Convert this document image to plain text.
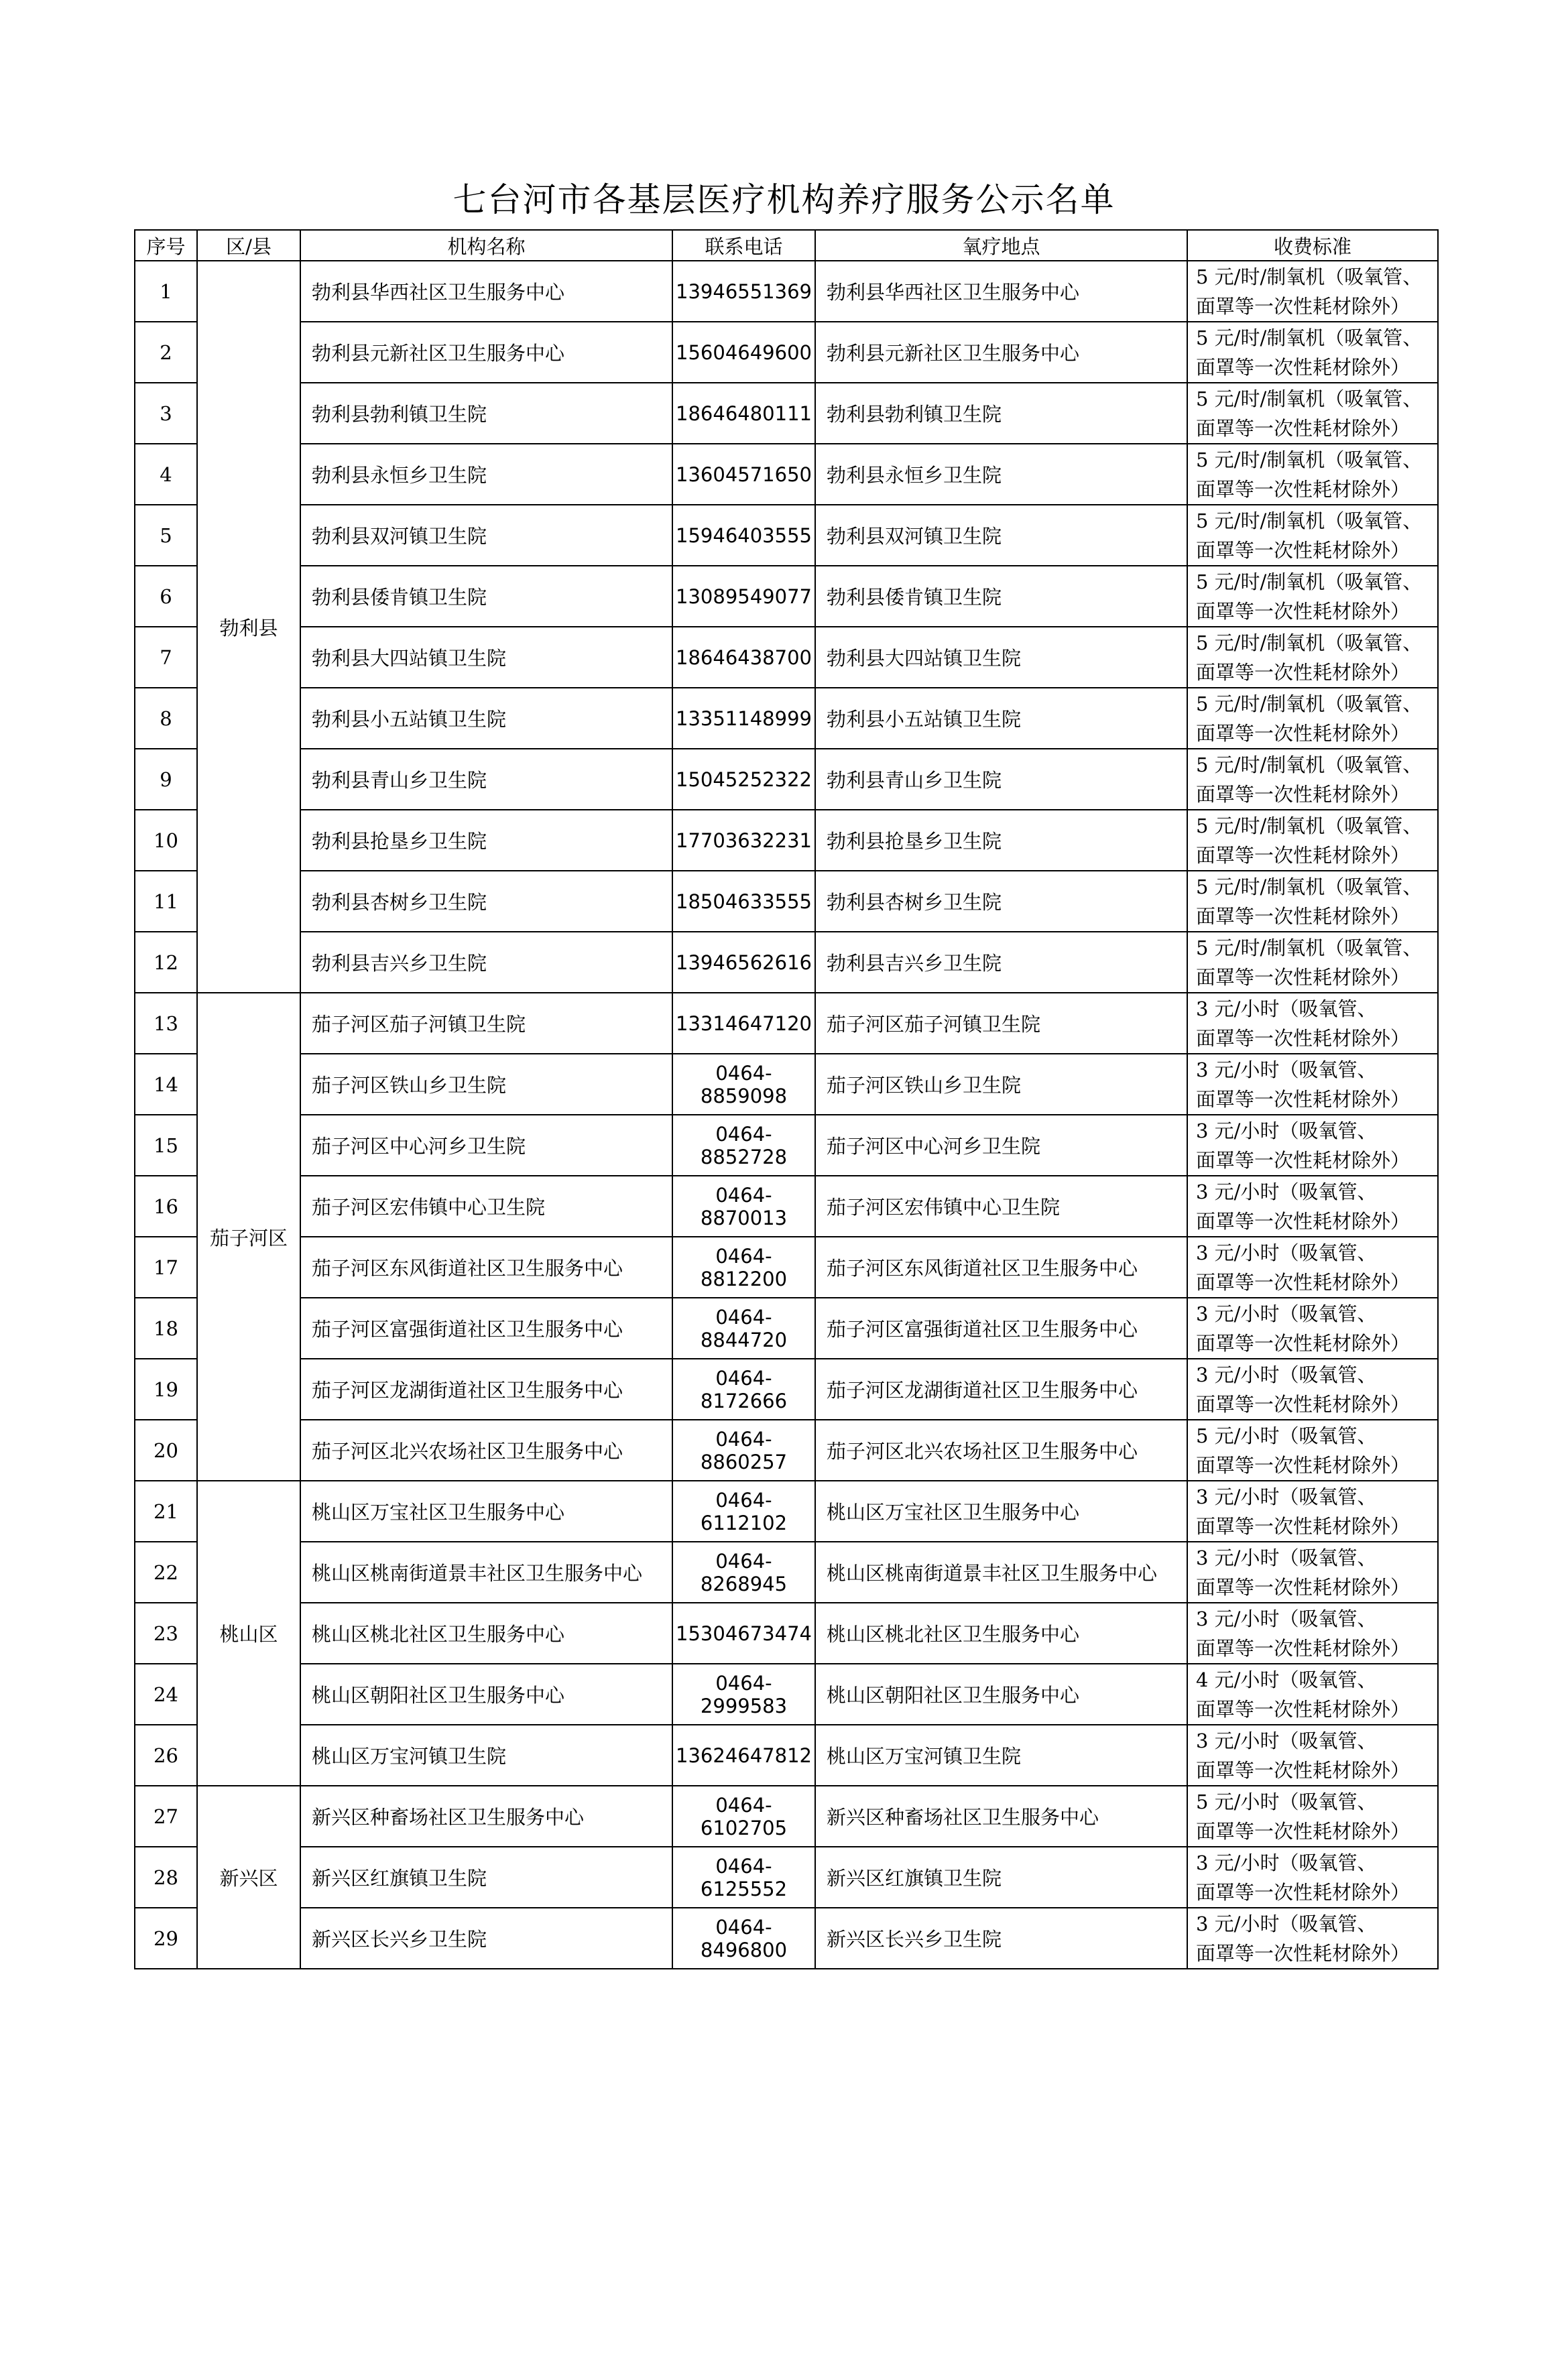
七台河市各基层医疗机构养疗服务公示名单
序号	区/县	机构名称	联系电话	氧疗地点	收费标准
1	勃利县	勃利县华西社区卫生服务中心	13946551369	勃利县华西社区卫生服务中心	5 元/时/制氧机（吸氧管、
面罩等一次性耗材除外）
2		勃利县元新社区卫生服务中心	15604649600	勃利县元新社区卫生服务中心	5 元/时/制氧机（吸氧管、
面罩等一次性耗材除外）
3		勃利县勃利镇卫生院	18646480111	勃利县勃利镇卫生院	5 元/时/制氧机（吸氧管、
面罩等一次性耗材除外）
4		勃利县永恒乡卫生院	13604571650	勃利县永恒乡卫生院	5 元/时/制氧机（吸氧管、
面罩等一次性耗材除外）
5		勃利县双河镇卫生院	15946403555	勃利县双河镇卫生院	5 元/时/制氧机（吸氧管、
面罩等一次性耗材除外）
6		勃利县倭肯镇卫生院	13089549077	勃利县倭肯镇卫生院	5 元/时/制氧机（吸氧管、
面罩等一次性耗材除外）
7		勃利县大四站镇卫生院	18646438700	勃利县大四站镇卫生院	5 元/时/制氧机（吸氧管、
面罩等一次性耗材除外）
8		勃利县小五站镇卫生院	13351148999	勃利县小五站镇卫生院	5 元/时/制氧机（吸氧管、
面罩等一次性耗材除外）
9		勃利县青山乡卫生院	15045252322	勃利县青山乡卫生院	5 元/时/制氧机（吸氧管、
面罩等一次性耗材除外）
10		勃利县抢垦乡卫生院	17703632231	勃利县抢垦乡卫生院	5 元/时/制氧机（吸氧管、
面罩等一次性耗材除外）
11		勃利县杏树乡卫生院	18504633555	勃利县杏树乡卫生院	5 元/时/制氧机（吸氧管、
面罩等一次性耗材除外）
12		勃利县吉兴乡卫生院	13946562616	勃利县吉兴乡卫生院	5 元/时/制氧机（吸氧管、
面罩等一次性耗材除外）
13	茄子河区	茄子河区茄子河镇卫生院	13314647120	茄子河区茄子河镇卫生院	3 元/小时（吸氧管、
面罩等一次性耗材除外）
14		茄子河区铁山乡卫生院	0464-8859098	茄子河区铁山乡卫生院	3 元/小时（吸氧管、
面罩等一次性耗材除外）
15		茄子河区中心河乡卫生院	0464-8852728	茄子河区中心河乡卫生院	3 元/小时（吸氧管、
面罩等一次性耗材除外）
16		茄子河区宏伟镇中心卫生院	0464-8870013	茄子河区宏伟镇中心卫生院	3 元/小时（吸氧管、
面罩等一次性耗材除外）
17		茄子河区东风街道社区卫生服务中心	0464-8812200	茄子河区东风街道社区卫生服务中心	3 元/小时（吸氧管、
面罩等一次性耗材除外）
18		茄子河区富强街道社区卫生服务中心	0464-8844720	茄子河区富强街道社区卫生服务中心	3 元/小时（吸氧管、
面罩等一次性耗材除外）
19		茄子河区龙湖街道社区卫生服务中心	0464-8172666	茄子河区龙湖街道社区卫生服务中心	3 元/小时（吸氧管、
面罩等一次性耗材除外）
20		茄子河区北兴农场社区卫生服务中心	0464-8860257	茄子河区北兴农场社区卫生服务中心	5 元/小时（吸氧管、
面罩等一次性耗材除外）
21	桃山区	桃山区万宝社区卫生服务中心	0464-6112102	桃山区万宝社区卫生服务中心	3 元/小时（吸氧管、
面罩等一次性耗材除外）
22		桃山区桃南街道景丰社区卫生服务中心	0464-8268945	桃山区桃南街道景丰社区卫生服务中心	3 元/小时（吸氧管、
面罩等一次性耗材除外）
23		桃山区桃北社区卫生服务中心	15304673474	桃山区桃北社区卫生服务中心	3 元/小时（吸氧管、
面罩等一次性耗材除外）
24		桃山区朝阳社区卫生服务中心	0464-2999583	桃山区朝阳社区卫生服务中心	4 元/小时（吸氧管、
面罩等一次性耗材除外）
26		桃山区万宝河镇卫生院	13624647812	桃山区万宝河镇卫生院	3 元/小时（吸氧管、
面罩等一次性耗材除外）
27	新兴区	新兴区种畜场社区卫生服务中心	0464-6102705	新兴区种畜场社区卫生服务中心	5 元/小时（吸氧管、
面罩等一次性耗材除外）
28		新兴区红旗镇卫生院	0464-6125552	新兴区红旗镇卫生院	3 元/小时（吸氧管、
面罩等一次性耗材除外）
29		新兴区长兴乡卫生院	0464-8496800	新兴区长兴乡卫生院	3 元/小时（吸氧管、
面罩等一次性耗材除外）
